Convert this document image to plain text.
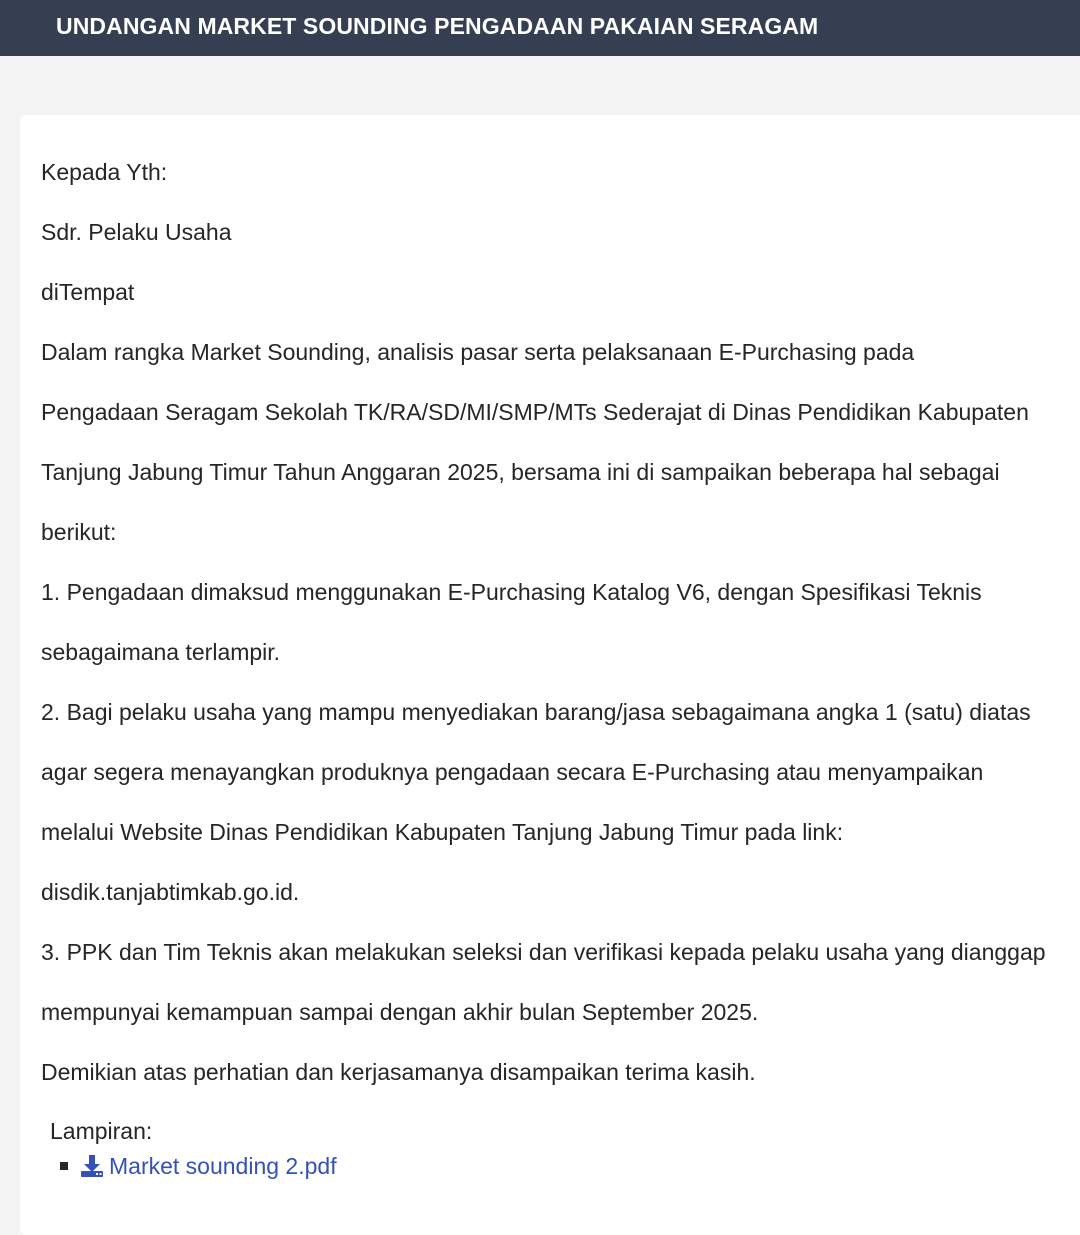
UNDANGAN MARKET SOUNDING PENGADAAN PAKAIAN SERAGAM
Kepada Yth:
Sdr. Pelaku Usaha
diTempat
Dalam rangka Market Sounding, analisis pasar serta pelaksanaan E-Purchasing pada
Pengadaan Seragam Sekolah TK/RA/SD/MI/SMP/MTs Sederajat di Dinas Pendidikan Kabupaten
Tanjung Jabung Timur Tahun Anggaran 2025, bersama ini di sampaikan beberapa hal sebagai
berikut:
1. Pengadaan dimaksud menggunakan E-Purchasing Katalog V6, dengan Spesifikasi Teknis
sebagaimana terlampir.
2. Bagi pelaku usaha yang mampu menyediakan barang/jasa sebagaimana angka 1 (satu) diatas
agar segera menayangkan produknya pengadaan secara E-Purchasing atau menyampaikan
melalui Website Dinas Pendidikan Kabupaten Tanjung Jabung Timur pada link:
disdik.tanjabtimkab.go.id.
3. PPK dan Tim Teknis akan melakukan seleksi dan verifikasi kepada pelaku usaha yang dianggap
mempunyai kemampuan sampai dengan akhir bulan September 2025.
Demikian atas perhatian dan kerjasamanya disampaikan terima kasih.
Lampiran:
Market sounding 2.pdf
